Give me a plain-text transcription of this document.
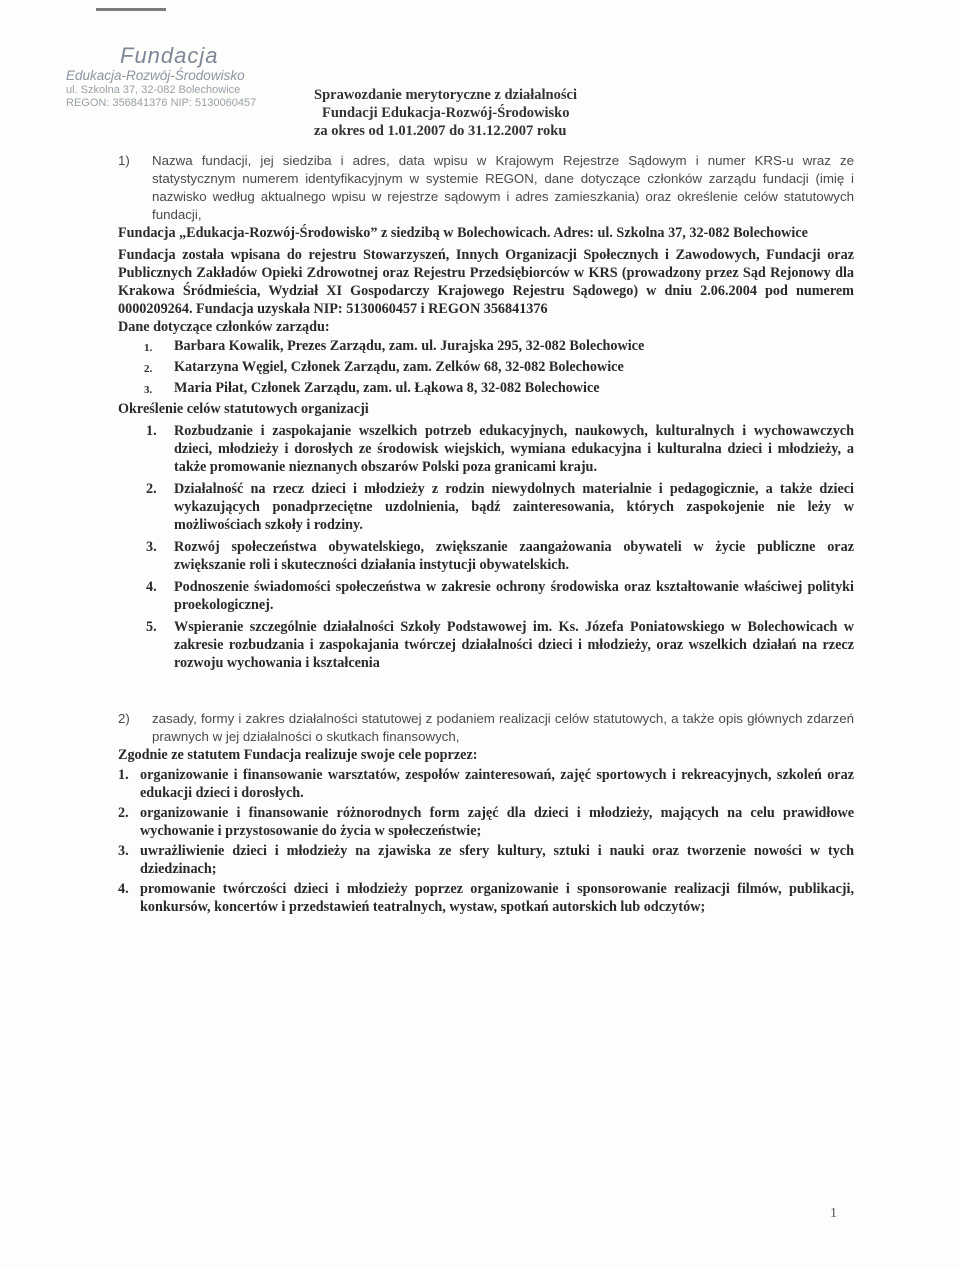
Fundacja
Edukacja-Rozwój-Środowisko
ul. Szkolna 37, 32-082 Bolechowice
REGON: 356841376 NIP: 5130060457	Sprawozdanie merytoryczne z działalności
Fundacji Edukacja-Rozwój-Środowisko
za okres od 1.01.2007 do 31.12.2007 roku
1)	Nazwa fundacji, jej siedziba i adres, data wpisu w Krajowym Rejestrze Sądowym i numer KRS-u wraz ze statystycznym numerem identyfikacyjnym w systemie REGON, dane dotyczące członków zarządu fundacji (imię i nazwisko według aktualnego wpisu w rejestrze sądowym i adres zamieszkania) oraz określenie celów statutowych fundacji,

Fundacja „Edukacja-Rozwój-Środowisko” z siedzibą w Bolechowicach. Adres: ul. Szkolna 37, 32-082 Bolechowice

Fundacja została wpisana do rejestru Stowarzyszeń, Innych Organizacji Społecznych i Zawodowych, Fundacji oraz Publicznych Zakładów Opieki Zdrowotnej oraz Rejestru Przedsiębiorców w KRS (prowadzony przez Sąd Rejonowy dla Krakowa Śródmieścia, Wydział XI Gospodarczy Krajowego Rejestru Sądowego) w dniu 2.06.2004 pod numerem 0000209264. Fundacja uzyskała NIP: 5130060457 i REGON 356841376

Dane dotyczące członków zarządu:

1.	Barbara Kowalik, Prezes Zarządu, zam. ul. Jurajska 295, 32-082 Bolechowice
2.	Katarzyna Węgiel, Członek Zarządu, zam. Zelków 68, 32-082 Bolechowice
3.	Maria Piłat, Członek Zarządu, zam. ul. Łąkowa 8, 32-082 Bolechowice

Określenie celów statutowych organizacji

1.	Rozbudzanie i zaspokajanie wszelkich potrzeb edukacyjnych, naukowych, kulturalnych i wychowawczych dzieci, młodzieży i dorosłych ze środowisk wiejskich, wymiana edukacyjna i kulturalna dzieci i młodzieży, a także promowanie nieznanych obszarów Polski poza granicami kraju.

2.	Działalność na rzecz dzieci i młodzieży z rodzin niewydolnych materialnie i pedagogicznie, a także dzieci wykazujących ponadprzeciętne uzdolnienia, bądź zainteresowania, których zaspokojenie nie leży w możliwościach szkoły i rodziny.

3.	Rozwój społeczeństwa obywatelskiego, zwiększanie zaangażowania obywateli w życie publiczne oraz zwiększanie roli i skuteczności działania instytucji obywatelskich.

4.	Podnoszenie świadomości społeczeństwa w zakresie ochrony środowiska oraz kształtowanie właściwej polityki proekologicznej.

5.	Wspieranie szczególnie działalności Szkoły Podstawowej im. Ks. Józefa Poniatowskiego w Bolechowicach w zakresie rozbudzania i zaspokajania twórczej działalności dzieci i młodzieży, oraz wszelkich działań na rzecz rozwoju wychowania i kształcenia

2)	zasady, formy i zakres działalności statutowej z podaniem realizacji celów statutowych, a także opis głównych zdarzeń prawnych w jej działalności o skutkach finansowych,

Zgodnie ze statutem Fundacja realizuje swoje cele poprzez:

1. organizowanie i finansowanie warsztatów, zespołów zainteresowań, zajęć sportowych i rekreacyjnych, szkoleń oraz edukacji dzieci i dorosłych.

2. organizowanie i finansowanie różnorodnych form zajęć dla dzieci i młodzieży, mających na celu prawidłowe wychowanie i przystosowanie do życia w społeczeństwie;

3. uwrażliwienie dzieci i młodzieży na zjawiska ze sfery kultury, sztuki i nauki oraz tworzenie nowości w tych dziedzinach;

4. promowanie twórczości dzieci i młodzieży poprzez organizowanie i sponsorowanie realizacji filmów, publikacji, konkursów, koncertów i przedstawień teatralnych, wystaw, spotkań autorskich lub odczytów;

1
